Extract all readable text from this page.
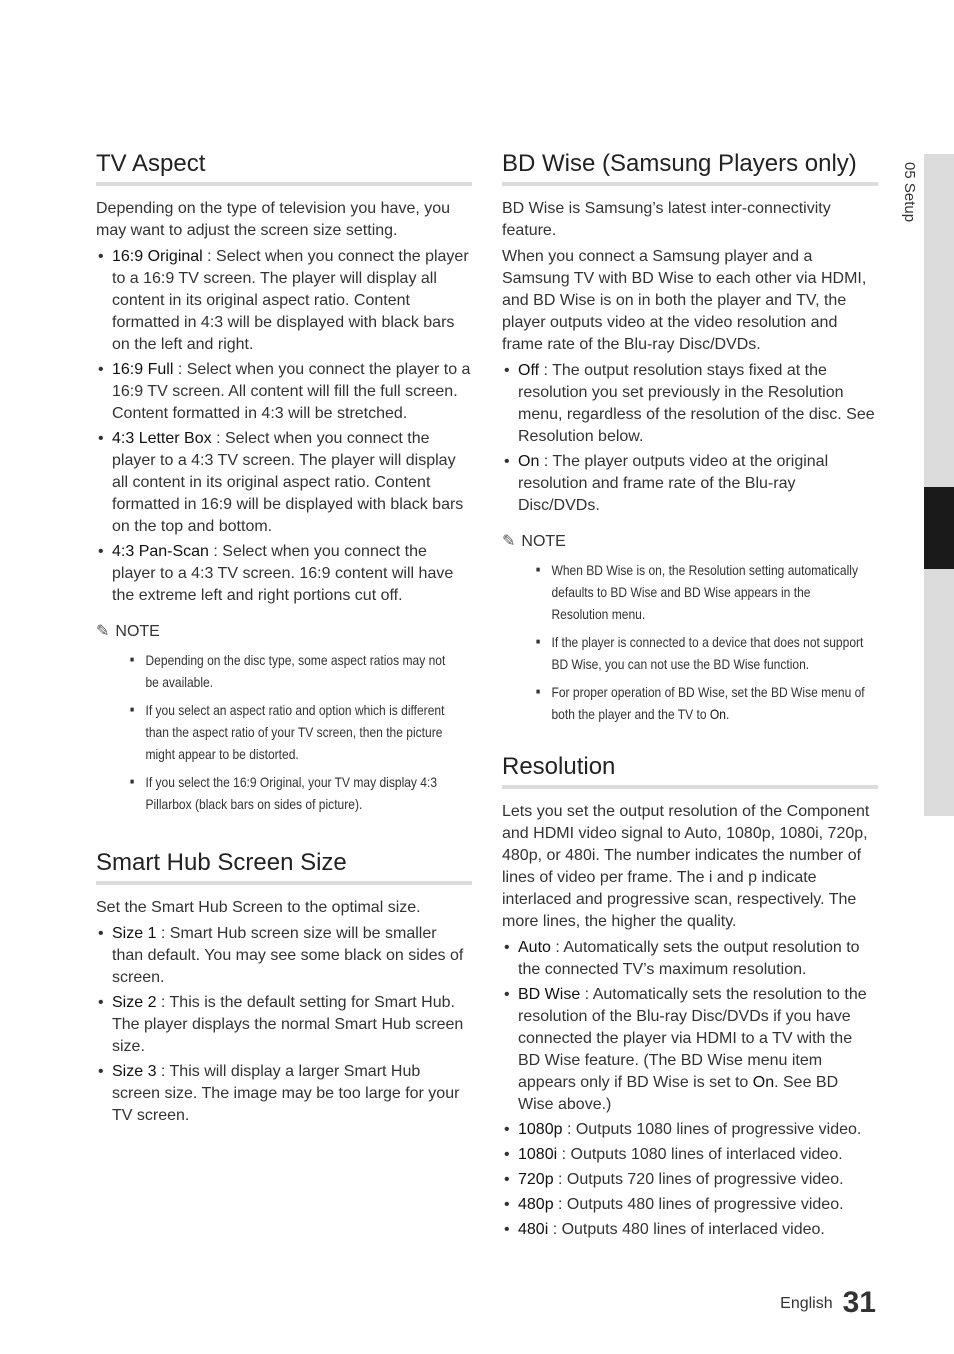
05 Setup
TV Aspect

Depending on the type of television you have, you may want to adjust the screen size setting.

• 16:9 Original : Select when you connect the player to a 16:9 TV screen. The player will display all content in its original aspect ratio. Content formatted in 4:3 will be displayed with black bars on the left and right.
• 16:9 Full : Select when you connect the player to a 16:9 TV screen. All content will fill the full screen. Content formatted in 4:3 will be stretched.
• 4:3 Letter Box : Select when you connect the player to a 4:3 TV screen. The player will display all content in its original aspect ratio. Content formatted in 16:9 will be displayed with black bars on the top and bottom.
• 4:3 Pan-Scan : Select when you connect the player to a 4:3 TV screen. 16:9 content will have the extreme left and right portions cut off.
✎ NOTE
■ Depending on the disc type, some aspect ratios may not be available.
■ If you select an aspect ratio and option which is different than the aspect ratio of your TV screen, then the picture might appear to be distorted.
■ If you select the 16:9 Original, your TV may display 4:3 Pillarbox (black bars on sides of picture).
Smart Hub Screen Size

Set the Smart Hub Screen to the optimal size.

• Size 1 : Smart Hub screen size will be smaller than default. You may see some black on sides of screen.
• Size 2 : This is the default setting for Smart Hub. The player displays the normal Smart Hub screen size.
• Size 3 : This will display a larger Smart Hub screen size. The image may be too large for your TV screen.
BD Wise (Samsung Players only)

BD Wise is Samsung’s latest inter-connectivity feature.

When you connect a Samsung player and a Samsung TV with BD Wise to each other via HDMI, and BD Wise is on in both the player and TV, the player outputs video at the video resolution and frame rate of the Blu-ray Disc/DVDs.

• Off : The output resolution stays fixed at the resolution you set previously in the Resolution menu, regardless of the resolution of the disc. See Resolution below.
• On : The player outputs video at the original resolution and frame rate of the Blu-ray Disc/DVDs.
✎ NOTE
■ When BD Wise is on, the Resolution setting automatically defaults to BD Wise and BD Wise appears in the Resolution menu.
■ If the player is connected to a device that does not support BD Wise, you can not use the BD Wise function.
■ For proper operation of BD Wise, set the BD Wise menu of both the player and the TV to On.
Resolution

Lets you set the output resolution of the Component and HDMI video signal to Auto, 1080p, 1080i, 720p, 480p, or 480i. The number indicates the number of lines of video per frame. The i and p indicate interlaced and progressive scan, respectively. The more lines, the higher the quality.

• Auto : Automatically sets the output resolution to the connected TV’s maximum resolution.
• BD Wise : Automatically sets the resolution to the resolution of the Blu-ray Disc/DVDs if you have connected the player via HDMI to a TV with the BD Wise feature. (The BD Wise menu item appears only if BD Wise is set to On. See BD Wise above.)
• 1080p : Outputs 1080 lines of progressive video.
• 1080i : Outputs 1080 lines of interlaced video.
• 720p : Outputs 720 lines of progressive video.
• 480p : Outputs 480 lines of progressive video.
• 480i : Outputs 480 lines of interlaced video.
English 31
